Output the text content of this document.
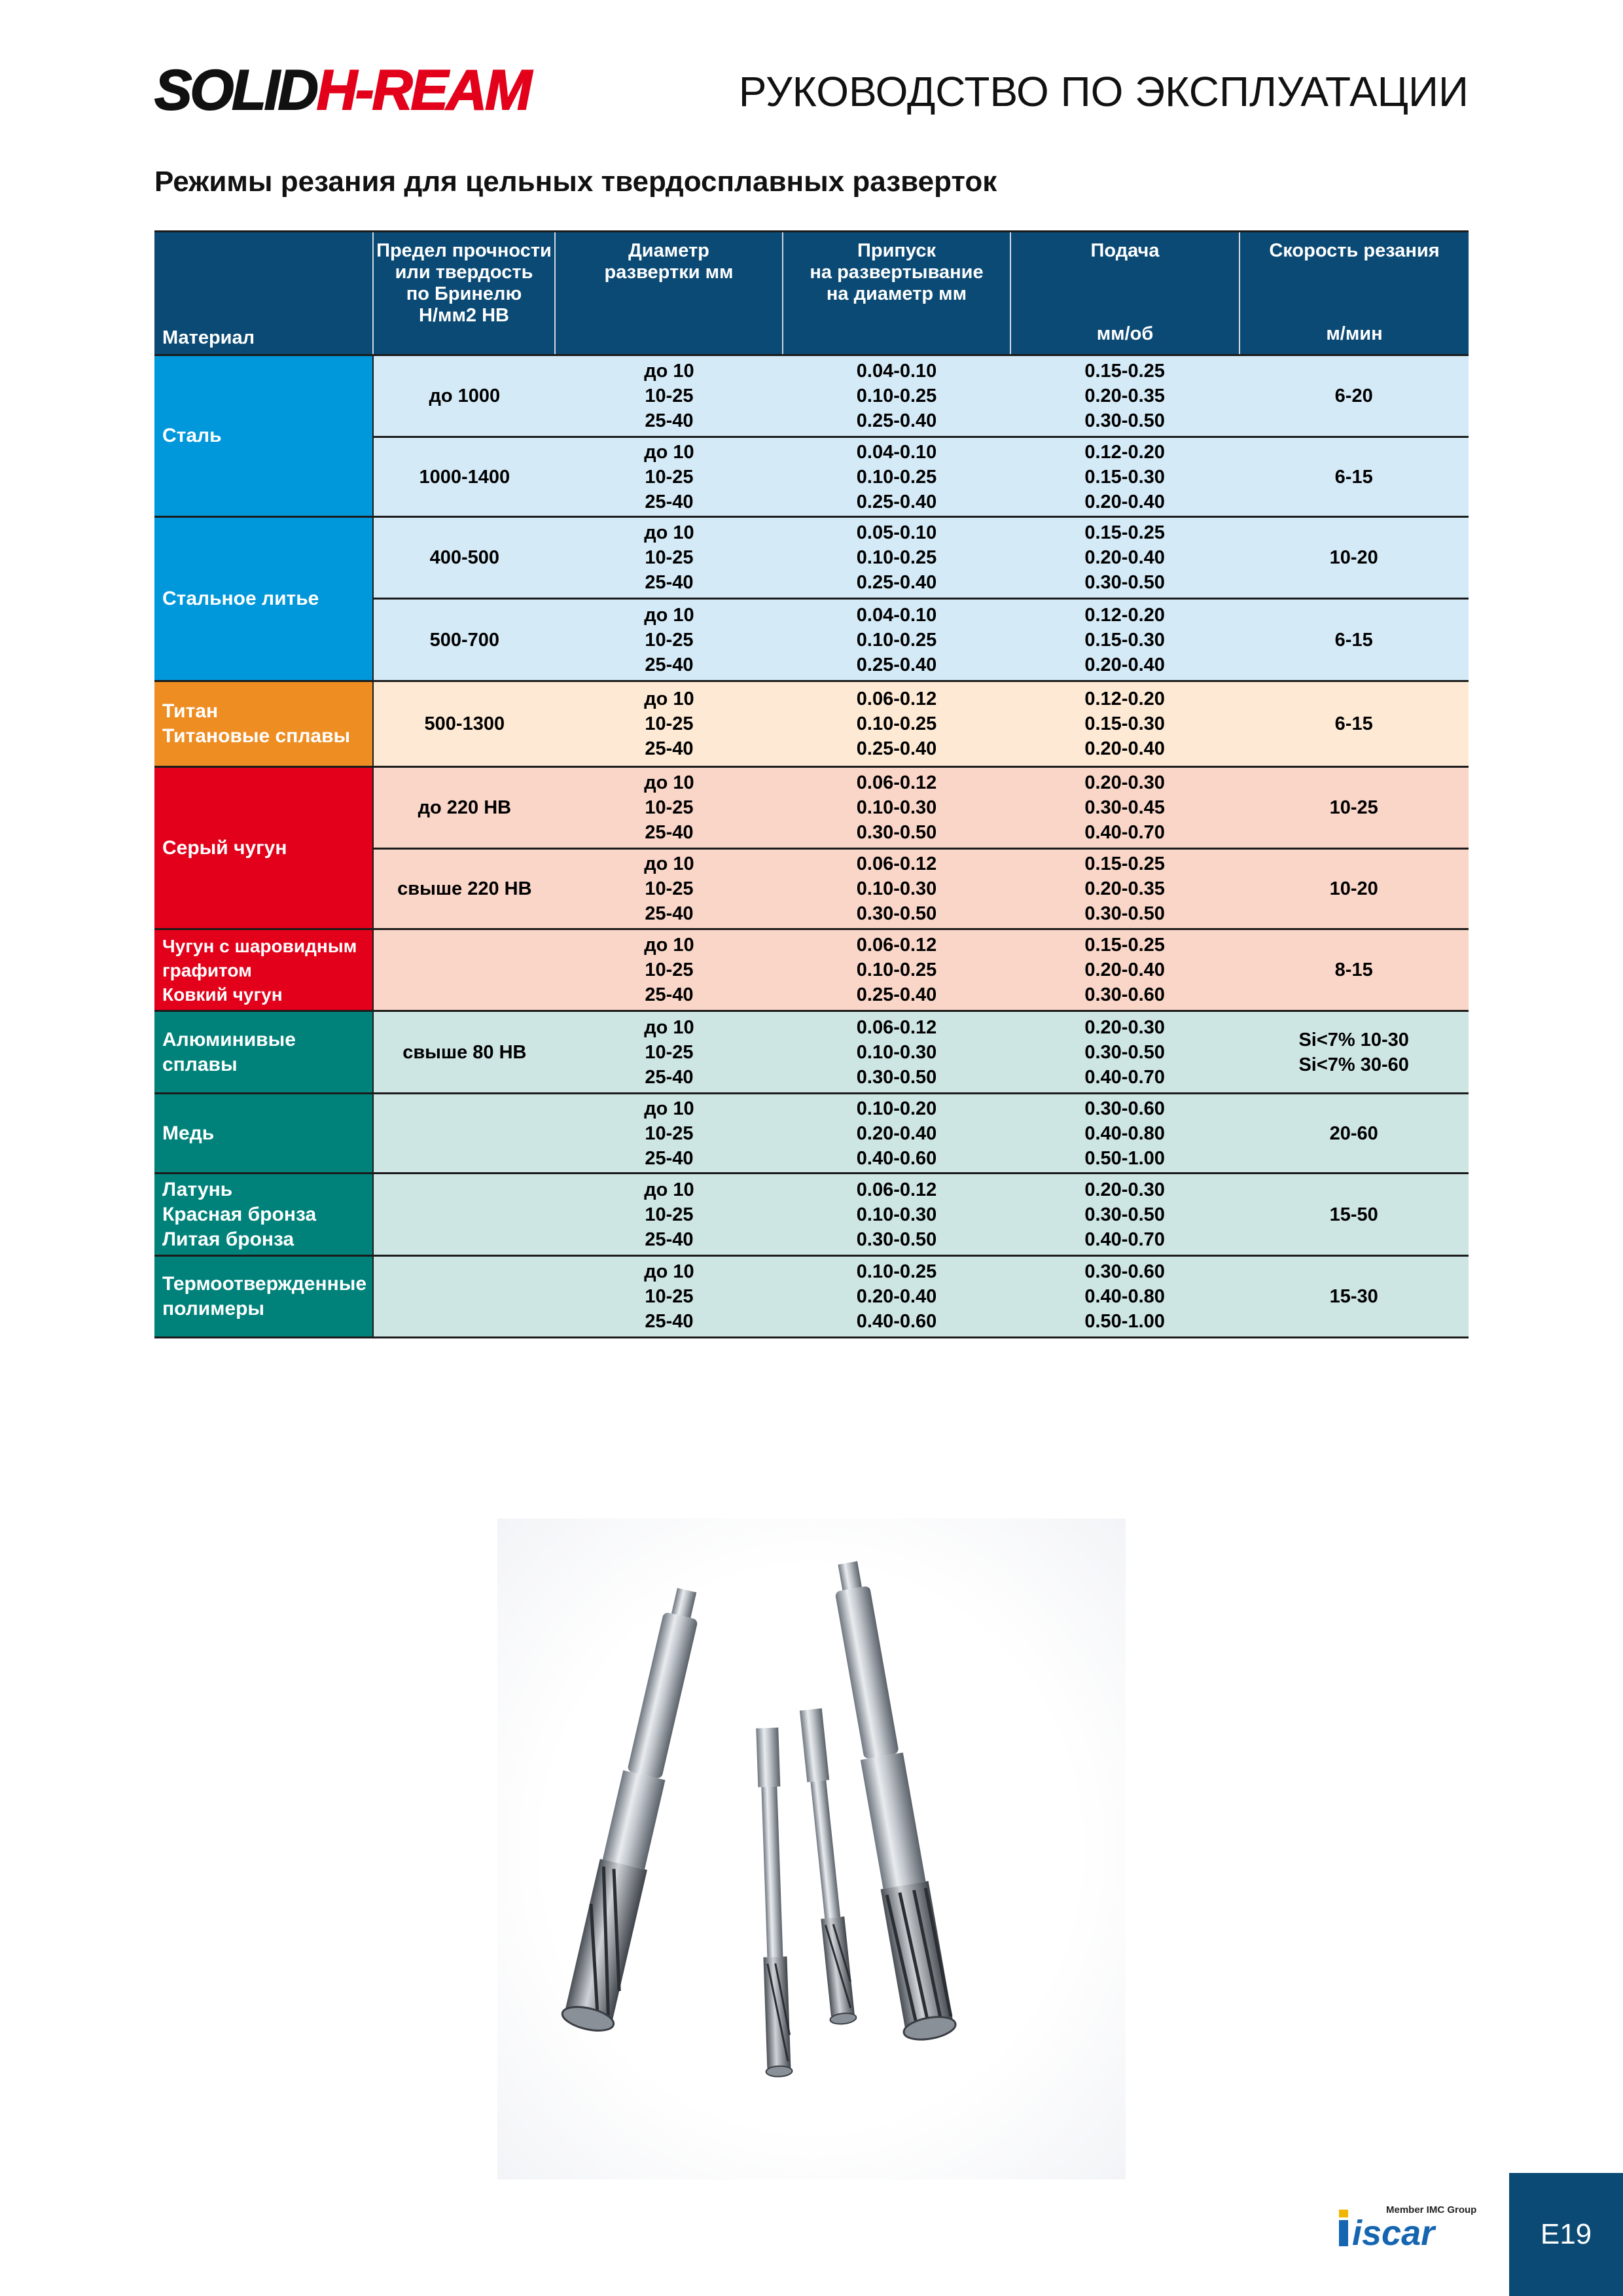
SOLIDH-REAM	РУКОВОДСТВО ПО ЭКСПЛУАТАЦИИ
Режимы резания для цельных твердосплавных разверток
Материал
Предел прочности
или твердость
по Бринелю
Н/мм2 НВ
Диаметр
развертки мм
Припуск
на развертывание
на диаметр мм
Подача
мм/об
Скорость резания
м/мин
Сталь
до 1000
до 10
10-25
25-40
0.04-0.10
0.10-0.25
0.25-0.40
0.15-0.25
0.20-0.35
0.30-0.50
6-20
1000-1400
до 10
10-25
25-40
0.04-0.10
0.10-0.25
0.25-0.40
0.12-0.20
0.15-0.30
0.20-0.40
6-15
Стальное литье
400-500
до 10
10-25
25-40
0.05-0.10
0.10-0.25
0.25-0.40
0.15-0.25
0.20-0.40
0.30-0.50
10-20
500-700
до 10
10-25
25-40
0.04-0.10
0.10-0.25
0.25-0.40
0.12-0.20
0.15-0.30
0.20-0.40
6-15
Титан
Титановые сплавы
500-1300
до 10
10-25
25-40
0.06-0.12
0.10-0.25
0.25-0.40
0.12-0.20
0.15-0.30
0.20-0.40
6-15
Серый чугун
до 220 НВ
до 10
10-25
25-40
0.06-0.12
0.10-0.30
0.30-0.50
0.20-0.30
0.30-0.45
0.40-0.70
10-25
свыше 220 НВ
до 10
10-25
25-40
0.06-0.12
0.10-0.30
0.30-0.50
0.15-0.25
0.20-0.35
0.30-0.50
10-20
Чугун с шаровидным
графитом
Ковкий чугун
до 10
10-25
25-40
0.06-0.12
0.10-0.25
0.25-0.40
0.15-0.25
0.20-0.40
0.30-0.60
8-15
Алюминивые
сплавы
свыше 80 НВ
до 10
10-25
25-40
0.06-0.12
0.10-0.30
0.30-0.50
0.20-0.30
0.30-0.50
0.40-0.70
Si<7% 10-30
Si<7% 30-60
Медь
до 10
10-25
25-40
0.10-0.20
0.20-0.40
0.40-0.60
0.30-0.60
0.40-0.80
0.50-1.00
20-60
Латунь
Красная бронза
Литая бронза
до 10
10-25
25-40
0.06-0.12
0.10-0.30
0.30-0.50
0.20-0.30
0.30-0.50
0.40-0.70
15-50
Термоотвержденные
полимеры
до 10
10-25
25-40
0.10-0.25
0.20-0.40
0.40-0.60
0.30-0.60
0.40-0.80
0.50-1.00
15-30
Member IMC Group
iscar	E19
